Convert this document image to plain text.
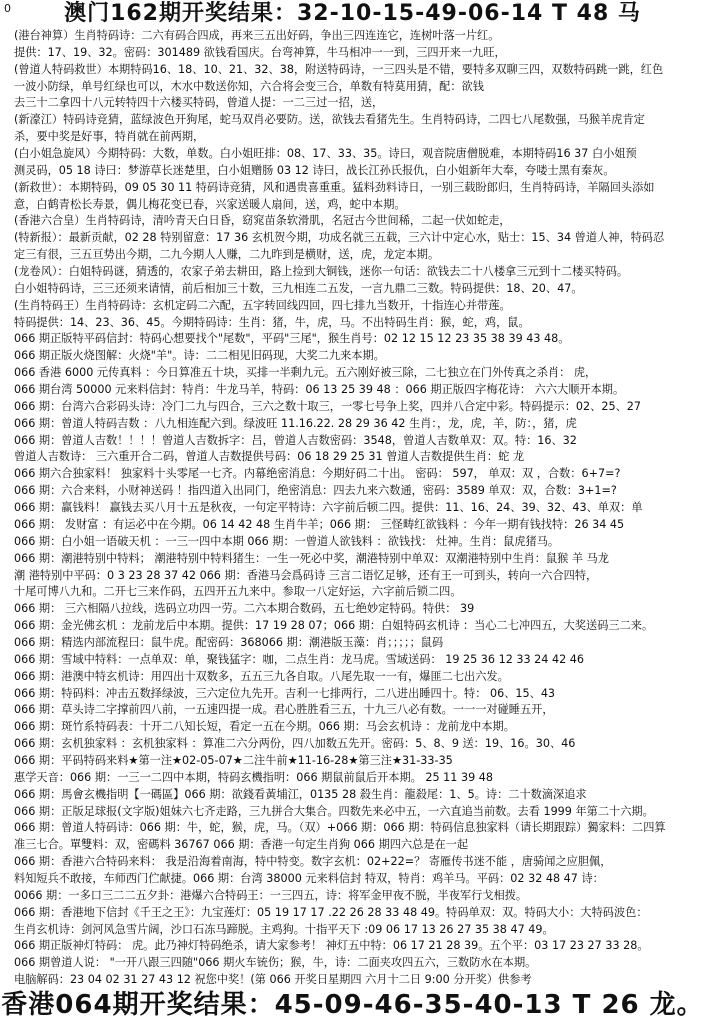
0	澳门162期开奖结果：32-10-15-49-06-14 T 48 马
(港台神算）生肖特码诗：二六有码合四成，再来三五出好码，争出三四连连它，连树叶落一片红。
提供：17、19、32。密码：301489 欲钱看国庆。台弯神算，牛马相冲一一到，三四开来一九旺，
(曾道人特码救世）本期特码16、18、10、21、32、38，附送特码诗，一三四头是不错，要特多双聊三四，双数特码跳一跳，红色
一波小防绿，单号红绿也可以，木水中数送你知，六合将会变三合，单数有特莫用猜，配：欲钱
去三十二拿四十八元转特四十六楼买特码，曾道人提：一二三过一招，送，
(新濠江）特码诗竞猜，蓝绿波色开狗尾，蛇马双肖必要防。送，欲钱去看猪先生。生肖特码诗，二四七八尾数强，马猴羊虎肯定
杀，要中奖是好事，特肖就在前两期，
(白小姐急旋风）今期特码：大数，单数。白小姐旺排：08、17、33、35。诗曰，观音院唐僧脱难，本期特码16 37 白小姐预
测灵码，05 18 诗曰：梦游草长迷楚里，白小姐赠肠 03 12 诗曰，战长江孙氏报仇，白小姐新年大奉，夸喽士黑有秦灰。
(新救世）：本期特码，09 05 30 11 特码诗竞猜，风和遇贵喜重重。猛料劲料诗日，一别三载盼郎归，生肖特码诗，羊隔回头添如
意，白鹤青松长寿景，偶儿梅花变已春，兴家送暖人扇间，送，鸡，蛇中本期。
(香港六合皇）生肖特码诗，清吟青天白日昏，窈窕苗条软滑肌，名冠古今世间稀，二起一伏如蛇走，
(特新报）：最新贡献，02 28 特别留意：17 36 玄机贺今期，功成名就三五载，三六计中定心水，贴士：15、34 曾道人神，特码忍
定三有很，三五亘势出今期，二九今期人人赚，二九昨到是横财，送，虎，龙定本期。
(龙卷风）：白姐特码谜，猜透的，农家子弟去耕田，路上捡到大铜钱，迷你一句话：欲钱去二十八楼拿三元到十二楼买特码。
白小姐特码诗，三三还须来请情，前后相加三十数，三九相连二五发，一言九鼎二三数。特码提供：18、20、47。
(生肖特码王）生肖特码诗：玄机定码二六配，五字转回线四回，四七排九当数开，十指连心并带莲。
特码提供：14、23、36、45。今期特码诗：生肖：猪，牛，虎，马。不出特码生肖：猴，蛇，鸡，鼠。
066 期正版特平码信封：特码心想要找个"尾数"，平码"三尾"，猴生肖号：02 12 15 12 23 35 38 39 43 48。
066 期正版火烧图解：火烧"羊"。诗：二二相见旧码现，大奖二九来本期。
066 香港 6000 元传真料 ：今日算准五十块，买排一半剩九元。五六刚好被三除，二七独立在门外传真之杀肖： 虎，
066 期台湾 50000 元来料信封：特肖：牛龙马羊，特码：06 13 25 39 48 ：066 期正版四字梅花诗： 六六大顺开本期。
066 期：台湾六合彩码头诗：冷门二九与四合，三六之数十取三，一零七号争上奖，四并八合定中彩。特码提示：02、25、27
066 期：曾道人特码吉数 ：八九相连配六到。绿波旺 11.16.22. 28 29 36 42 生肖：，龙，虎，羊，防：，猪，虎
066 期：曾道人吉数！！！！曾道人吉数拆字：吕，曾道人吉数密码：3548，曾道人吉数单双：双。特：16、32
曾道人吉数诗： 三六重开合二码，曾道人吉数提供号码：06 18 29 25 31 曾道人吉数提供生肖：蛇 龙
066 期六合独家料！ 独家料十头零尾一七齐。内幕绝密消息：今期好码二十出。 密码： 597， 单双：双 ，合数：6+7=?
066 期：六合来料，小财神送码 ！指四道入出同门，绝密消息：四去九来六数通，密码：3589 单双：双，合数：3+1=?
066 期：赢钱料！ 赢钱去买八月十五是秋夜，一句定平特诗：六字前后顿二四。提供：11、16、24、39、32、43、单双：单
066 期： 发财富 ：有运必中在今期。06 14 42 48 生肖牛羊；066 期： 三怪畴红欲钱料 ：今年一期有钱找特：26 34 45
066 期：白小姐一语破天机 ：一三一四中本期 066 期：一曾道人欲钱料 ：欲钱找： 灶神。生肖：鼠虎猪马。
066 期：潮港特别中特料； 潮港特别中特料猪生：一生一死必中奖，潮港特别中单双：双潮港特别中生肖：鼠猴 羊 马龙
潮 港特别中平码：0 3 23 28 37 42 066 期：香港马会爲码诗 三言二语忆足够，还有王一可到头，转向一六合四特，
十尾可博八九和。二开七三来作码，五四开五九来中。参取一八定好运，六字前后锁二四。
066 期： 三六相隔八拉线，选码立功四一劳。二六本期合数码，五七绝妙定特码。特供： 39
066 期：金光佛玄机 ：龙前龙后中本期。提供：17 19 28 07；066 期：白姐特码玄机诗 ：当心二七冲四五，大奖送码三二来。
066 期：精选内部流程曰：鼠牛虎。配密码：368066 期：潮港版玉藻：肖；；；；；鼠码
066 期：雪域中特料：一点单双：单，聚钱猛字：咖，二点生肖：龙马虎。雪域送码： 19 25 36 12 33 24 42 46
066 期：港澳中特玄机诗：用四出十双数多，五五三九各自取。八尾先取一一有，爆匪二七出六发。
066 期：特码料：冲击五数择绿波，三六定位九先开。吉利一七排两行，二八进出睡四十。特： 06、15、43
066 期：草头诗二字撑前四八前，一五速四提一成。君心胜胜看三五，十九三八必有数。一一一对碰睡五开，
066 期：斑竹系特码表：十开二八知长短，看定一五在今期。066 期：马会玄机诗 ：龙前龙中本期。
066 期：玄机独家料 ：玄机独家料 ：算准二六分两份，四八加数五先开。密码：5、8、9 送：19、16。30、46
066 期：平码特码来料★第一注★02-05-07★二注牛前★11-16-28★第三注★31-33-35
惠学天音：066 期：一三一二四中本期，特码玄機指明：066 期鼠前鼠后开本期。 25 11 39 48
066 期：馬會玄機指明【一碼區】066 期：欲錢看黃埔江，0135 28 殺生肖：龍殺尾：1、5。诗：二十数滴深追求
066 期：正版足球报(文字版)姐妹六七齐走路，三九拼合大集合。四数先来必中五，一六直追当前数。去看 1999 年第二十六期。
066 期：曾道人特码诗：066 期：牛，蛇，猴，虎，马。（双）+066 期：066 期：特码信息独家料（请长期跟踪）獨家料：二四算
准三七合。單雙料：双，密碼料 36767 066 期：香港一句定生肖狗 066 期四六总是在一起
066 期：香港六合特码来料： 我是沿海着南海，特中特变。数字玄机：02+22=？ 寄雁传书迷不能 ，唐骑闻之应胆佩，
料知短兵不敢接，车师西门伫献捷。066 期：台湾 38000 元来料信封 特双，特肖：鸡羊马。平码：02 32 48 47 诗：
0066 期：一多口三二二五夕卦：港爆六合特码王：一三四五，诗：将军金甲夜不脱，半夜军行戈相拨。
066 期：香港地下信封《千王之王》：九宝莲灯：05 19 17 17 .22 26 28 33 48 49。特码单双：双。特码大小：大特码波色：
生肖玄机诗：剑河风急雪片阔，沙口石冻马蹄脱。主鸡狗。十指平天下 :09 06 17 13 26 27 35 38 47 49。
066 期正版神灯特码： 虎。此乃神灯特码绝杀，请大家参考！ 神灯五中特：06 17 21 28 39。五个平：03 17 23 27 33 28。
066 期曾道人说： "一开八跟三四随"066 期火车铳伤；猴，牛，诗：二面夹攻四五六，三数防水在本期。
电脑解码：23 04 02 31 27 43 12 祝您中奖！(第 066 开奖日星期四 六月十二日 9:00 分开奖）供参考
香港064期开奖结果：45-09-46-35-40-13 T 26 龙。
